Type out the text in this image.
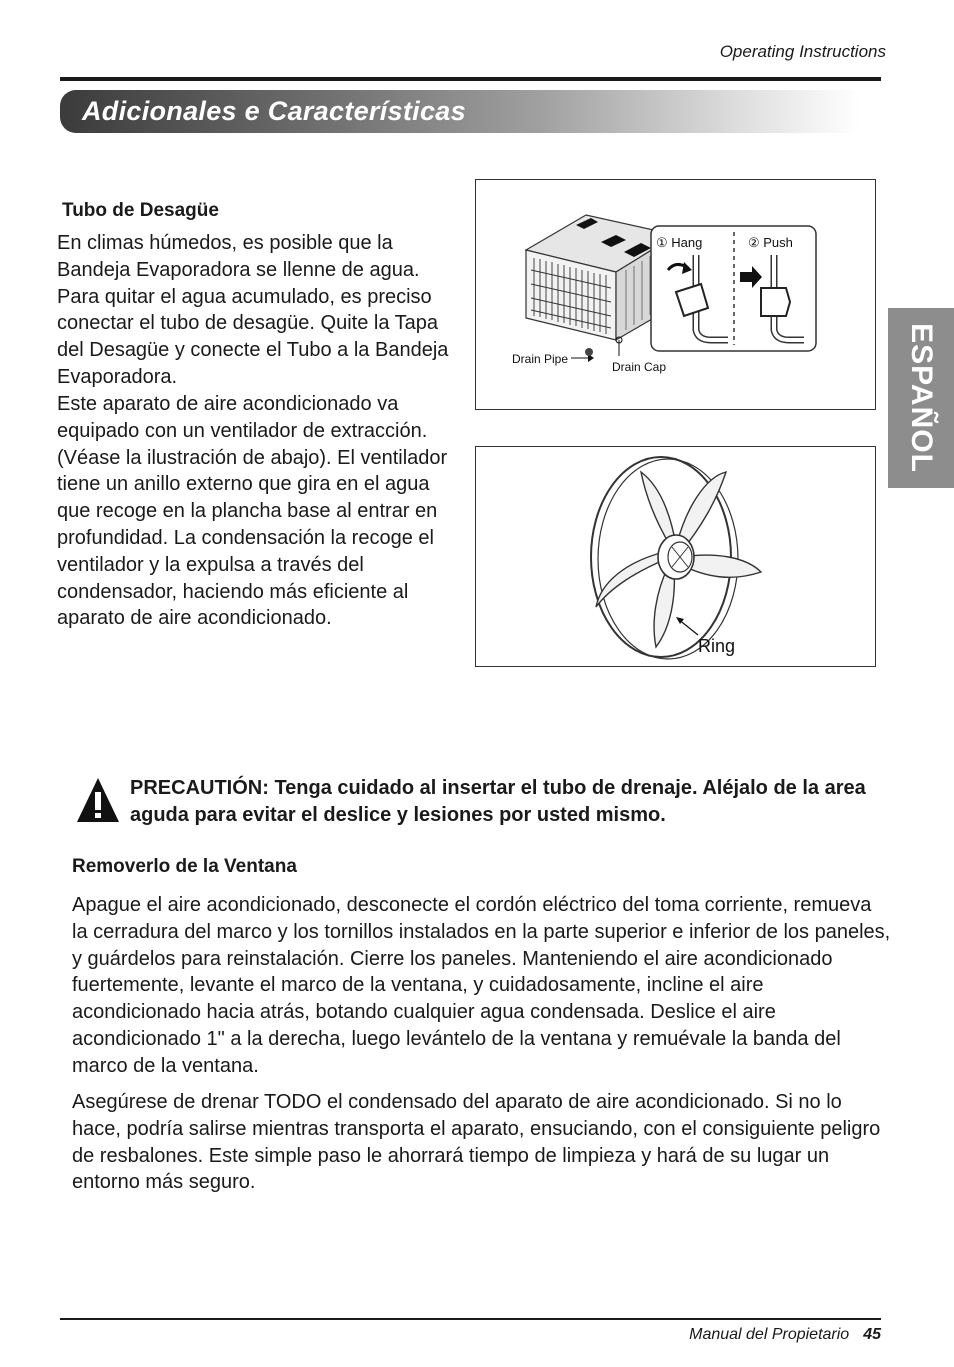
Operating Instructions
Adicionales e Características
ESPAÑOL
Tubo de Desagüe

En climas húmedos, es posible que la Bandeja Evaporadora se llenne de agua. Para quitar el agua acumulado, es preciso conectar el tubo de desagüe. Quite la Tapa del Desagüe y conecte el Tubo a la Bandeja Evaporadora.

Este aparato de aire acondicionado va equipado con un ventilador de extracción. (Véase la ilustración de abajo). El ventilador tiene un anillo externo que gira en el agua que recoge en la plancha base al entrar en profundidad. La condensación la recoge el ventilador y la expulsa a través del condensador, haciendo más eficiente al aparato de aire acondicionado.

Drain Pipe
Drain Cap
① Hang	② Push
Ring
PRECAUTIÓN: Tenga cuidado al insertar el tubo de drenaje. Aléjalo de la area aguda para evitar el deslice y lesiones por usted mismo.
Removerlo de la Ventana

Apague el aire acondicionado, desconecte el cordón eléctrico del toma corriente, remueva la cerradura del marco y los tornillos instalados en la parte superior e inferior de los paneles, y guárdelos para reinstalación. Cierre los paneles. Manteniendo el aire acondicionado fuertemente, levante el marco de la ventana, y cuidadosamente, incline el aire acondicionado hacia atrás, botando cualquier agua condensada. Deslice el aire acondicionado 1" a la derecha, luego levántelo de la ventana y remuévale la banda del marco de la ventana.

Asegúrese de drenar TODO el condensado del aparato de aire acondicionado. Si no lo hace, podría salirse mientras transporta el aparato, ensuciando, con el consiguiente peligro de resbalones. Este simple paso le ahorrará tiempo de limpieza y hará de su lugar un entorno más seguro.

Manual del Propietario 45
